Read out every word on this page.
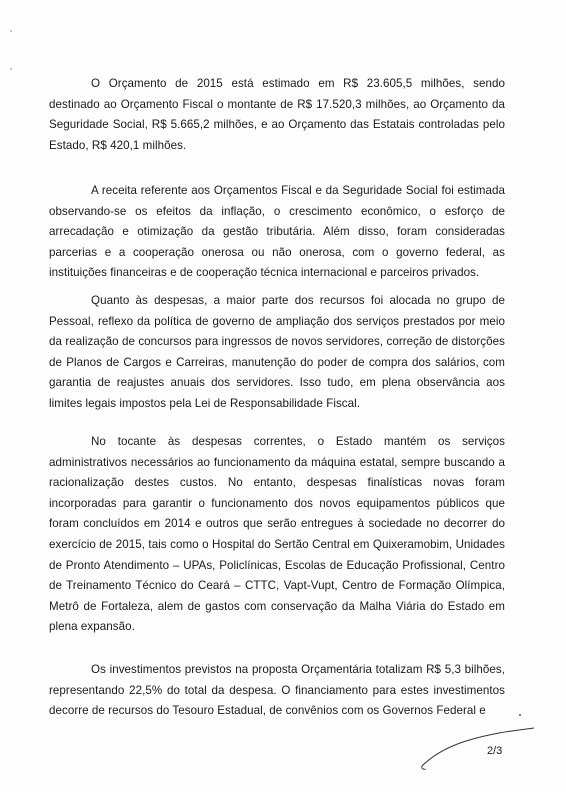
O Orçamento de 2015 está estimado em R$ 23.605,5 milhões, sendo destinado ao Orçamento Fiscal o montante de R$ 17.520,3 milhões, ao Orçamento da Seguridade Social, R$ 5.665,2 milhões, e ao Orçamento das Estatais controladas pelo Estado, R$ 420,1 milhões.

A receita referente aos Orçamentos Fiscal e da Seguridade Social foi estimada observando-se os efeitos da inflação, o crescimento econômico, o esforço de arrecadação e otimização da gestão tributária. Além disso, foram consideradas parcerias e a cooperação onerosa ou não onerosa, com o governo federal, as instituições financeiras e de cooperação técnica internacional e parceiros privados.

Quanto às despesas, a maior parte dos recursos foi alocada no grupo de Pessoal, reflexo da política de governo de ampliação dos serviços prestados por meio da realização de concursos para ingressos de novos servidores, correção de distorções de Planos de Cargos e Carreiras, manutenção do poder de compra dos salários, com garantia de reajustes anuais dos servidores. Isso tudo, em plena observância aos limites legais impostos pela Lei de Responsabilidade Fiscal.

No tocante às despesas correntes, o Estado mantém os serviços administrativos necessários ao funcionamento da máquina estatal, sempre buscando a racionalização destes custos. No entanto, despesas finalísticas novas foram incorporadas para garantir o funcionamento dos novos equipamentos públicos que foram concluídos em 2014 e outros que serão entregues à sociedade no decorrer do exercício de 2015, tais como o Hospital do Sertão Central em Quixeramobim, Unidades de Pronto Atendimento – UPAs, Policlínicas, Escolas de Educação Profissional, Centro de Treinamento Técnico do Ceará – CTTC, Vapt-Vupt, Centro de Formação Olímpica, Metrô de Fortaleza, alem de gastos com conservação da Malha Viária do Estado em plena expansão.

Os investimentos previstos na proposta Orçamentária totalizam R$ 5,3 bilhões, representando 22,5% do total da despesa. O financiamento para estes investimentos decorre de recursos do Tesouro Estadual, de convênios com os Governos Federal e

2/3
